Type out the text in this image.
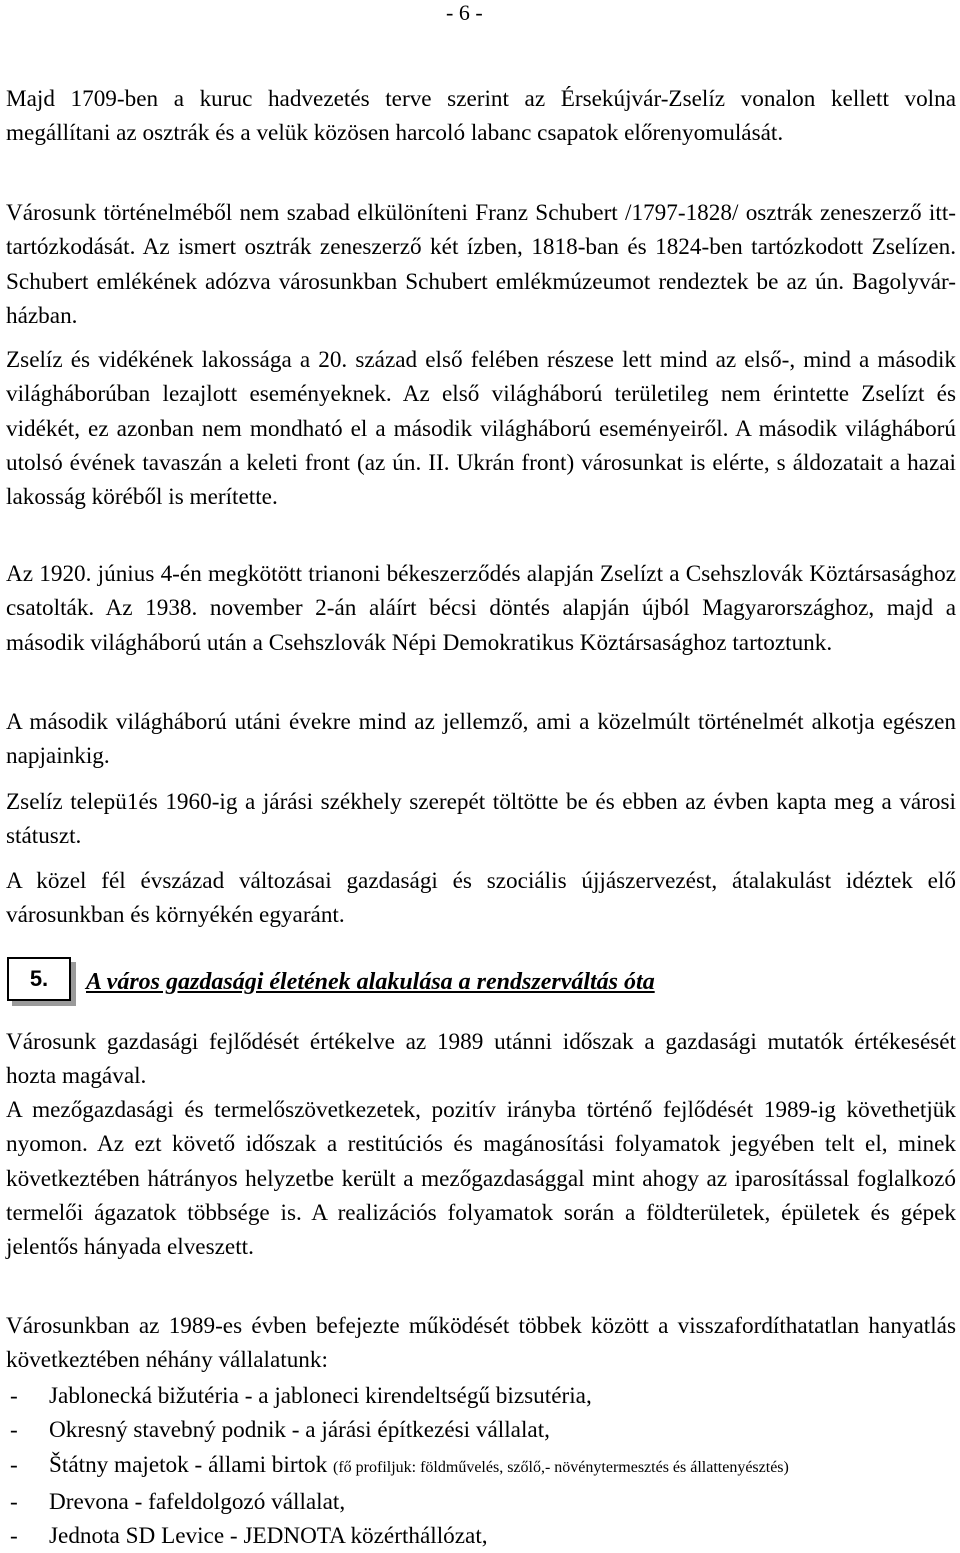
- 6 -

Majd 1709-ben a kuruc hadvezetés terve szerint az Érsekújvár-Zselíz vonalon kellett volna megállítani az osztrák és a velük közösen harcoló labanc csapatok előrenyomulását.

Városunk történelméből nem szabad elkülöníteni Franz Schubert /1797-1828/ osztrák zeneszerző itt-tartózkodását. Az ismert osztrák zeneszerző két ízben, 1818-ban és 1824-ben tartózkodott Zselízen. Schubert emlékének adózva városunkban Schubert emlékmúzeumot rendeztek be az ún. Bagolyvár-házban.

Zselíz és vidékének lakossága a 20. század első felében részese lett mind az első-, mind a második világháborúban lezajlott eseményeknek. Az első világháború területileg nem érintette Zselízt és vidékét, ez azonban nem mondható el a második világháború eseményeiről. A második világháború utolsó évének tavaszán a keleti front (az ún. II. Ukrán front) városunkat is elérte, s áldozatait a hazai lakosság köréből is merítette.

Az 1920. június 4-én megkötött trianoni békeszerződés alapján Zselízt a Csehszlovák Köztársasághoz csatolták. Az 1938. november 2-án aláírt bécsi döntés alapján újból Magyarországhoz, majd a második világháború után a Csehszlovák Népi Demokratikus Köztársasághoz tartoztunk.

A második világháború utáni évekre mind az jellemző, ami a közelmúlt történelmét alkotja egészen napjainkig.

Zselíz telepü1és 1960-ig a járási székhely szerepét töltötte be és ebben az évben kapta meg a városi státuszt.

A közel fél évszázad változásai gazdasági és szociális újjászervezést, átalakulást idéztek elő városunkban és környékén egyaránt.

5.	A város gazdasági életének alakulása a rendszerváltás óta

Városunk gazdasági fejlődését értékelve az 1989 utánni időszak a gazdasági mutatók értékesését hozta magával.

A mezőgazdasági és termelőszövetkezetek, pozitív irányba történő fejlődését 1989-ig követhetjük nyomon. Az ezt követő időszak a restitúciós és magánosítási folyamatok jegyében telt el, minek következtében hátrányos helyzetbe került a mezőgazdasággal mint ahogy az iparosítással foglalkozó termelői ágazatok többsége is. A realizációs folyamatok során a földterületek, épületek és gépek jelentős hányada elveszett.

Városunkban az 1989-es évben befejezte működését többek között a visszafordíthatatlan hanyatlás következtében néhány vállalatunk:

- Jablonecká bižutéria - a jabloneci kirendeltségű bizsutéria,
- Okresný stavebný podnik - a járási építkezési vállalat,
- Štátny majetok - állami birtok (fő profiljuk: földművelés, szőlő,- növénytermesztés és állattenyésztés)
- Drevona - fafeldolgozó vállalat,
- Jednota SD Levice - JEDNOTA közérthállózat,
